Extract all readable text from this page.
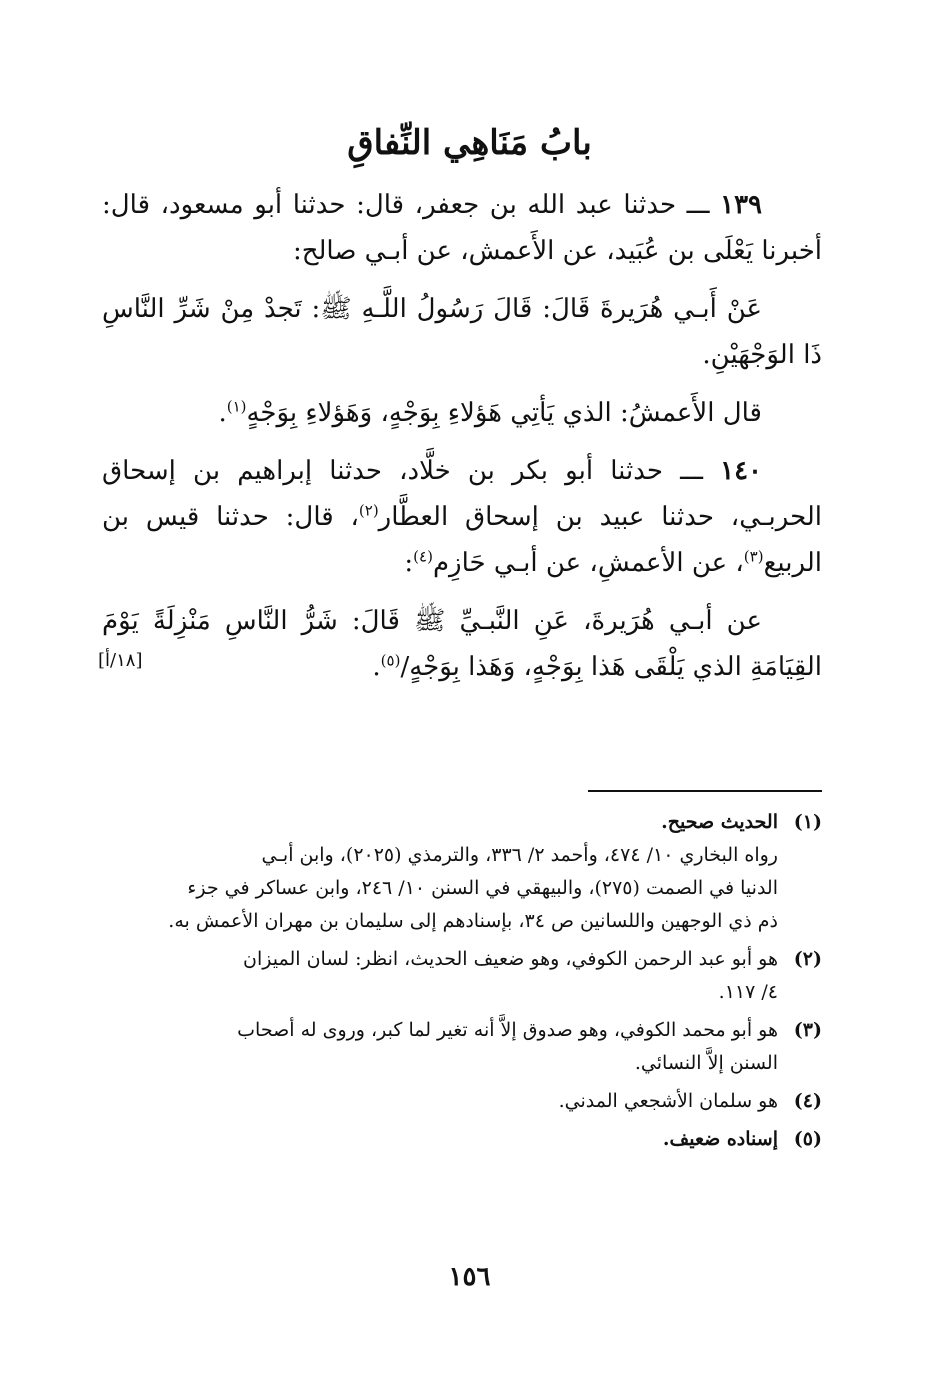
بابُ مَنَاهِي النِّفاقِ

١٣٩ ـــ حدثنا عبد الله بن جعفر، قال: حدثنا أبو مسعود، قال: أخبرنا يَعْلَى بن عُبَيد، عن الأَعمش، عن أبـي صالح:

عَنْ أَبـي هُرَيرةَ قَالَ: قَالَ رَسُولُ اللَّـهِ ﷺ: تَجدْ مِنْ شَرِّ النَّاسِ ذَا الوَجْهَيْنِ.

قال الأَعمشُ: الذي يَأتِي هَؤلاءِ بِوَجْهٍ، وَهَؤلاءِ بِوَجْهٍ$^{(١)}$.

١٤٠ ـــ حدثنا أبو بكر بن خلَّاد، حدثنا إبراهيم بن إسحاق الحربـي، حدثنا عبيد بن إسحاق العطَّار$^{(٢)}$، قال: حدثنا قيس بن الربيع$^{(٣)}$، عن الأعمشِ، عن أبـي حَازِم$^{(٤)}$:

عن أبـي هُرَيرةَ، عَنِ النَّبـيِّ ﷺ قَالَ: شَرُّ النَّاسِ مَنْزِلَةً يَوْمَ القِيَامَةِ الذي يَلْقَى هَذا بِوَجْهٍ، وَهَذا بِوَجْهٍ/$^{(٥)}$.
[١٨/أ]

(١)
الحديث صحيح.
رواه البخاري ١٠/ ٤٧٤، وأحمد ٢/ ٣٣٦، والترمذي (٢٠٢٥)، وابن أبـي
الدنيا في الصمت (٢٧٥)، والبيهقي في السنن ١٠/ ٢٤٦، وابن عساكر في جزء
ذم ذي الوجهين واللسانين ص ٣٤، بإسنادهم إلى سليمان بن مهران الأعمش به.
(٢)
هو أبو عبد الرحمن الكوفي، وهو ضعيف الحديث، انظر: لسان الميزان
٤/ ١١٧.
(٣)
هو أبو محمد الكوفي، وهو صدوق إلاَّ أنه تغير لما كبر، وروى له أصحاب
السنن إلاَّ النسائي.
(٤)
هو سلمان الأشجعي المدني.
(٥)
إسناده ضعيف.
١٥٦
